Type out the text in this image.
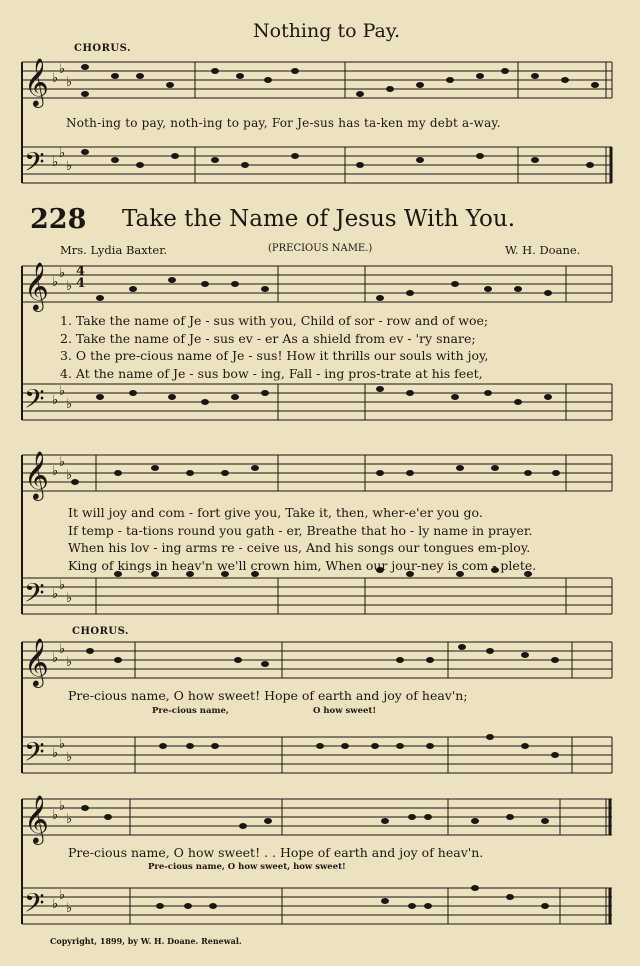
𝄞
𝄢
𝄞
𝄢
𝄞
𝄢
𝄞
𝄢
𝄞
𝄢
♭
♭
♭
♭
♭
♭
♭
♭
♭
♭
♭
♭
♭
♭
♭
♭
♭
♭
♭
♭
♭
♭
♭
♭
♭
♭
♭
♭
♭
♭
Nothing to Pay.
CHORUS.
Noth-ing to pay, noth-ing to pay, For Je-sus has ta-ken my debt a-way.
228 Take the Name of Jesus With You.
Mrs. Lydia Baxter.	(PRECIOUS NAME.)	W. H. Doane.
4
4
1. Take the name of Je - sus with you, Child of sor - row and of woe;
2. Take the name of Je - sus ev - er As a shield from ev - 'ry snare;
3. O the pre-cious name of Je - sus! How it thrills our souls with joy,
4. At the name of Je - sus bow - ing, Fall - ing pros-trate at his feet,
It will joy and com - fort give you, Take it, then, wher-e'er you go.
If temp - ta-tions round you gath - er, Breathe that ho - ly name in prayer.
When his lov - ing arms re - ceive us, And his songs our tongues em-ploy.
King of kings in heav'n we'll crown him, When our jour-ney is com - plete.
CHORUS.
Pre-cious name, O how sweet! Hope of earth and joy of heav'n;
Pre-cious name,	O how sweet!
Pre-cious name, O how sweet! . . Hope of earth and joy of heav'n.
Pre-cious name, O how sweet, how sweet!
Copyright, 1899, by W. H. Doane. Renewal.
